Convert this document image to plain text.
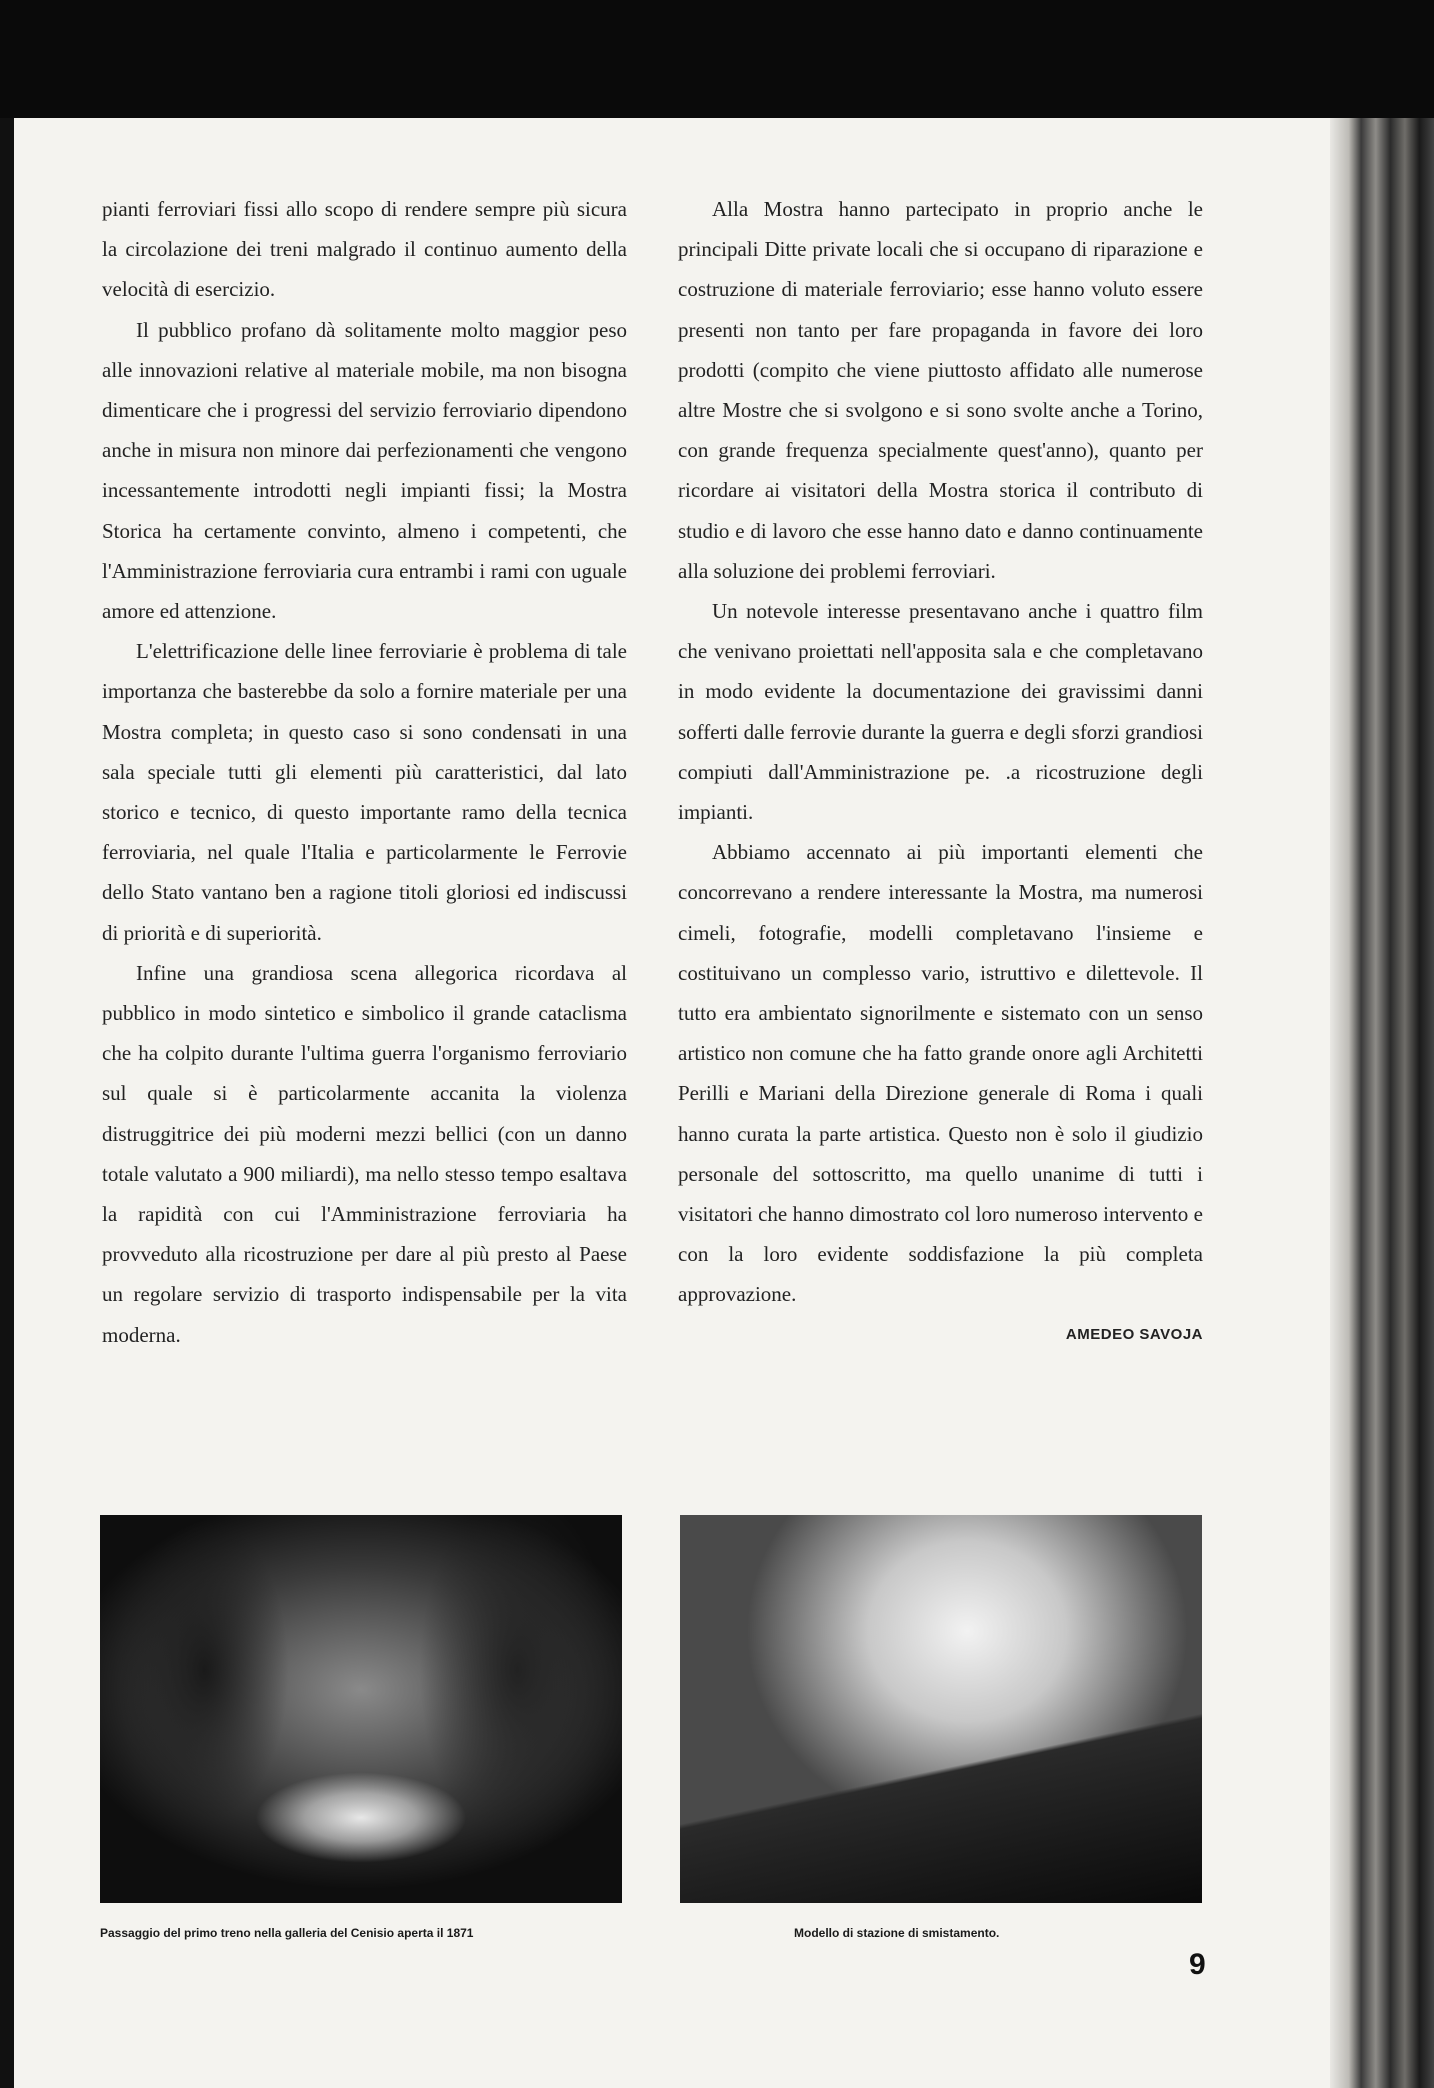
pianti ferroviari fissi allo scopo di rendere sempre più sicura la circolazione dei treni malgrado il continuo aumento della velocità di esercizio.

Il pubblico profano dà solitamente molto maggior peso alle innovazioni relative al materiale mobile, ma non bisogna dimenticare che i progressi del servizio ferroviario dipendono anche in misura non minore dai perfezionamenti che vengono incessantemente introdotti negli impianti fissi; la Mostra Storica ha certamente convinto, almeno i competenti, che l'Amministrazione ferroviaria cura entrambi i rami con uguale amore ed attenzione.

L'elettrificazione delle linee ferroviarie è problema di tale importanza che basterebbe da solo a fornire materiale per una Mostra completa; in questo caso si sono condensati in una sala speciale tutti gli elementi più caratteristici, dal lato storico e tecnico, di questo importante ramo della tecnica ferroviaria, nel quale l'Italia e particolarmente le Ferrovie dello Stato vantano ben a ragione titoli gloriosi ed indiscussi di priorità e di superiorità.

Infine una grandiosa scena allegorica ricordava al pubblico in modo sintetico e simbolico il grande cataclisma che ha colpito durante l'ultima guerra l'organismo ferroviario sul quale si è particolarmente accanita la violenza distruggitrice dei più moderni mezzi bellici (con un danno totale valutato a 900 miliardi), ma nello stesso tempo esaltava la rapidità con cui l'Amministrazione ferroviaria ha provveduto alla ricostruzione per dare al più presto al Paese un regolare servizio di trasporto indispensabile per la vita moderna.

Alla Mostra hanno partecipato in proprio anche le principali Ditte private locali che si occupano di riparazione e costruzione di materiale ferroviario; esse hanno voluto essere presenti non tanto per fare propaganda in favore dei loro prodotti (compito che viene piuttosto affidato alle numerose altre Mostre che si svolgono e si sono svolte anche a Torino, con grande frequenza specialmente quest'anno), quanto per ricordare ai visitatori della Mostra storica il contributo di studio e di lavoro che esse hanno dato e danno continuamente alla soluzione dei problemi ferroviari.

Un notevole interesse presentavano anche i quattro film che venivano proiettati nell'apposita sala e che completavano in modo evidente la documentazione dei gravissimi danni sofferti dalle ferrovie durante la guerra e degli sforzi grandiosi compiuti dall'Amministrazione pe. .a ricostruzione degli impianti.

Abbiamo accennato ai più importanti elementi che concorrevano a rendere interessante la Mostra, ma numerosi cimeli, fotografie, modelli completavano l'insieme e costituivano un complesso vario, istruttivo e dilettevole. Il tutto era ambientato signorilmente e sistemato con un senso artistico non comune che ha fatto grande onore agli Architetti Perilli e Mariani della Direzione generale di Roma i quali hanno curata la parte artistica. Questo non è solo il giudizio personale del sottoscritto, ma quello unanime di tutti i visitatori che hanno dimostrato col loro numeroso intervento e con la loro evidente soddisfazione la più completa approvazione.

AMEDEO SAVOJA

Passaggio del primo treno nella galleria del Cenisio aperta il 1871	Modello di stazione di smistamento.
9
